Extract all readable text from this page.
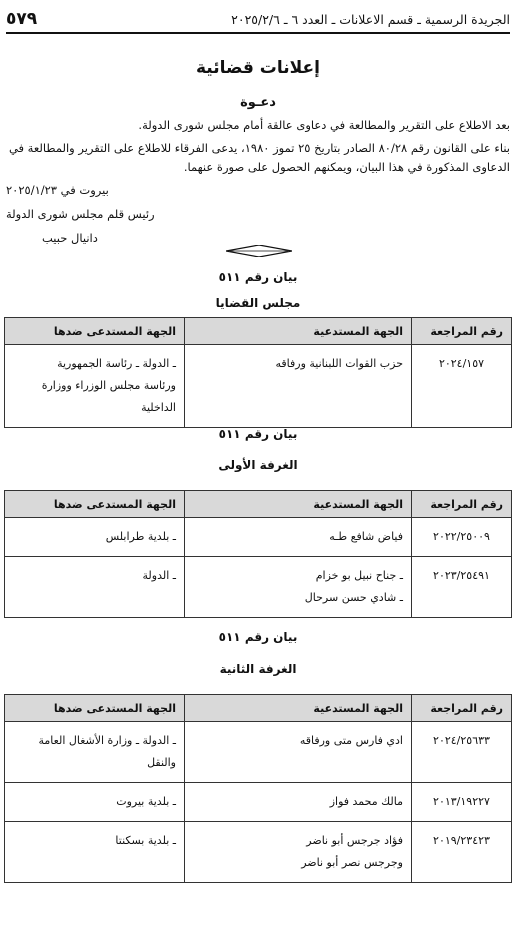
الجريدة الرسمية ـ قسم الاعلانات ـ العدد ٦ ـ ٢٠٢٥/٢/٦
٥٧٩
إعلانات قضائية
دعـوة
بعد الاطلاع على التقرير والمطالعة في دعاوى عالقة أمام مجلس شورى الدولة.
بناء على القانون رقم ٨٠/٢٨ الصادر بتاريخ ٢٥ تموز ١٩٨٠، يدعى الفرقاء للاطلاع على التقرير والمطالعة في الدعاوى المذكورة في هذا البيان، ويمكنهم الحصول على صورة عنهما.
بيروت في ٢٠٢٥/١/٢٣
رئيس قلم مجلس شورى الدولة
دانيال حبيب
بيان رقم ٥١١
مجلس القضايا
رقم المراجعة	الجهة المستدعية	الجهة المستدعى ضدها
٢٠٢٤/١٥٧	حزب القوات اللبنانية ورفاقه	ـ الدولة ـ رئاسة الجمهورية
ورئاسة مجلس الوزراء ووزارة الداخلية
بيان رقم ٥١١
الغرفة الأولى
رقم المراجعة	الجهة المستدعية	الجهة المستدعى ضدها
٢٠٢٢/٢٥٠٠٩	فياض شافع طـه	ـ بلدية طرابلس

٢٠٢٣/٢٥٤٩١	ـ جناح نبيل بو خزام
ـ شادي حسن سرحال	ـ الدولة
بيان رقم ٥١١
الغرفة الثانية
رقم المراجعة	الجهة المستدعية	الجهة المستدعى ضدها
٢٠٢٤/٢٥٦٣٣	ادي فارس متى ورفاقه	ـ الدولة ـ وزارة الأشغال العامة والنقل

٢٠١٣/١٩٢٢٧	مالك محمد فواز	ـ بلدية بيروت

٢٠١٩/٢٣٤٢٣	فؤاد جرجس أبو ناضر
وجرجس نصر أبو ناضر	ـ بلدية بسكنتا
